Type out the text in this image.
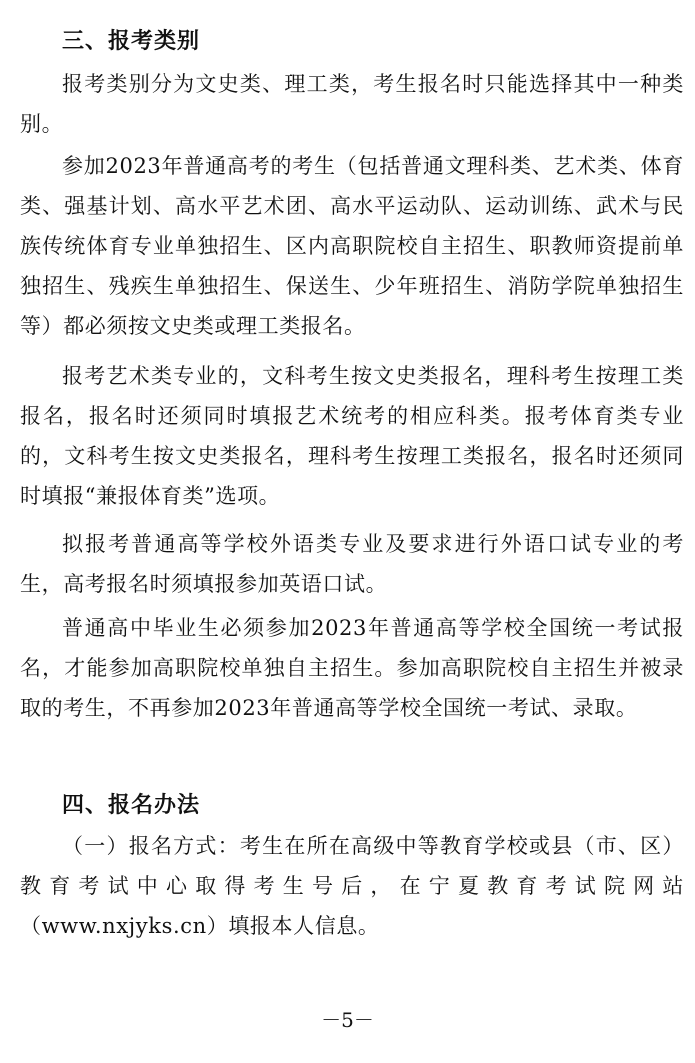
三、报考类别

报考类别分为文史类、理工类，考生报名时只能选择其中一种类别。

参加2023年普通高考的考生（包括普通文理科类、艺术类、体育类、强基计划、高水平艺术团、高水平运动队、运动训练、武术与民族传统体育专业单独招生、区内高职院校自主招生、职教师资提前单独招生、残疾生单独招生、保送生、少年班招生、消防学院单独招生等）都必须按文史类或理工类报名。

报考艺术类专业的，文科考生按文史类报名，理科考生按理工类报名，报名时还须同时填报艺术统考的相应科类。报考体育类专业的，文科考生按文史类报名，理科考生按理工类报名，报名时还须同时填报“兼报体育类”选项。

拟报考普通高等学校外语类专业及要求进行外语口试专业的考生，高考报名时须填报参加英语口试。

普通高中毕业生必须参加2023年普通高等学校全国统一考试报名，才能参加高职院校单独自主招生。参加高职院校自主招生并被录取的考生，不再参加2023年普通高等学校全国统一考试、录取。

四、报名办法

（一）报名方式：考生在所在高级中等教育学校或县（市、区）教育考试中心取得考生号后，在宁夏教育考试院网站（www.nxjyks.cn）填报本人信息。

－5－
